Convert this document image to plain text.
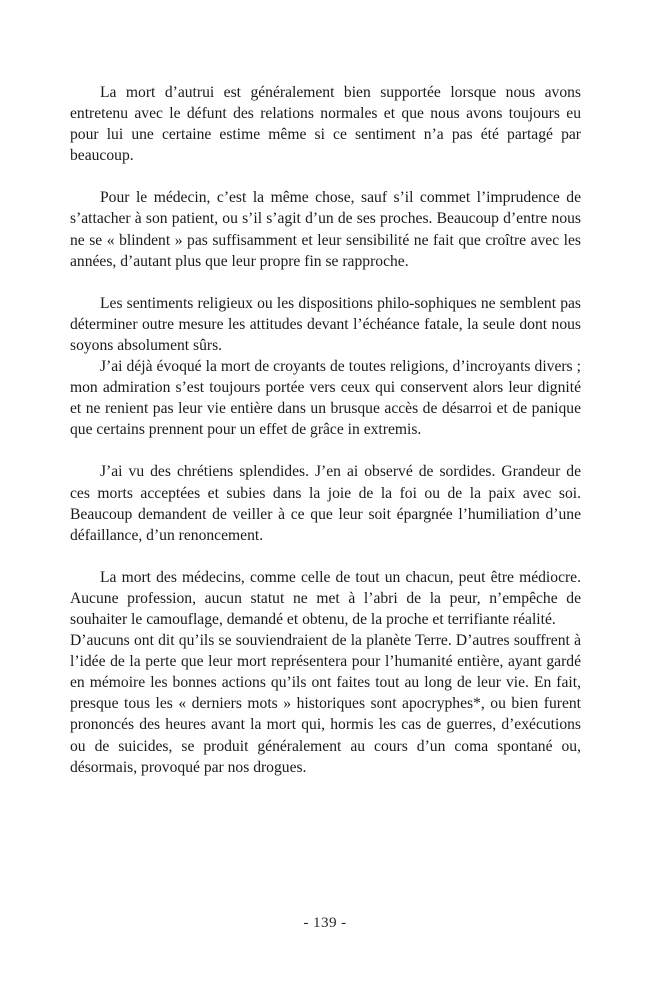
La mort d’autrui est généralement bien supportée lorsque nous avons entretenu avec le défunt des relations normales et que nous avons toujours eu pour lui une certaine estime même si ce sentiment n’a pas été partagé par beaucoup.

Pour le médecin, c’est la même chose, sauf s’il commet l’imprudence de s’attacher à son patient, ou s’il s’agit d’un de ses proches. Beaucoup d’entre nous ne se « blindent » pas suffisamment et leur sensibilité ne fait que croître avec les années, d’autant plus que leur propre fin se rapproche.

Les sentiments religieux ou les dispositions philo-sophiques ne semblent pas déterminer outre mesure les attitudes devant l’échéance fatale, la seule dont nous soyons absolument sûrs.

J’ai déjà évoqué la mort de croyants de toutes religions, d’incroyants divers ; mon admiration s’est toujours portée vers ceux qui conservent alors leur dignité et ne renient pas leur vie entière dans un brusque accès de désarroi et de panique que certains prennent pour un effet de grâce in extremis.

J’ai vu des chrétiens splendides. J’en ai observé de sordides. Grandeur de ces morts acceptées et subies dans la joie de la foi ou de la paix avec soi. Beaucoup demandent de veiller à ce que leur soit épargnée l’humiliation d’une défaillance, d’un renoncement.

La mort des médecins, comme celle de tout un chacun, peut être médiocre. Aucune profession, aucun statut ne met à l’abri de la peur, n’empêche de souhaiter le camouflage, demandé et obtenu, de la proche et terrifiante réalité.

D’aucuns ont dit qu’ils se souviendraient de la planète Terre. D’autres souffrent à l’idée de la perte que leur mort représentera pour l’humanité entière, ayant gardé en mémoire les bonnes actions qu’ils ont faites tout au long de leur vie. En fait, presque tous les « derniers mots » historiques sont apocryphes*, ou bien furent prononcés des heures avant la mort qui, hormis les cas de guerres, d’exécutions ou de suicides, se produit généralement au cours d’un coma spontané ou, désormais, provoqué par nos drogues.

- 139 -
